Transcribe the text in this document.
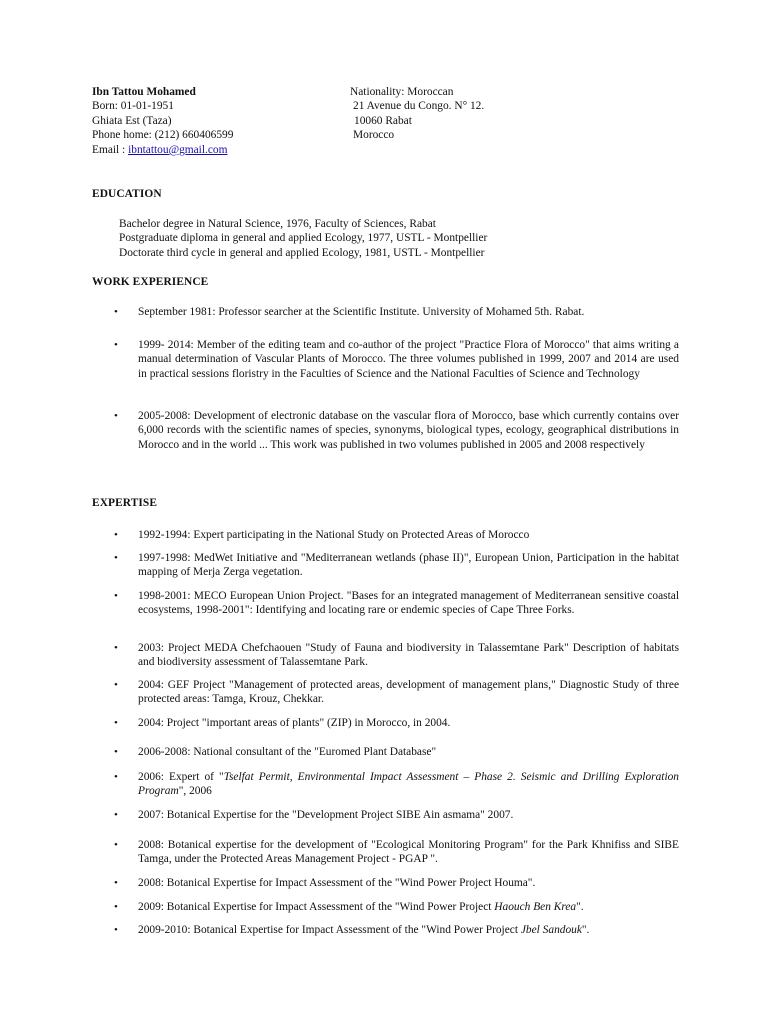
Ibn Tattou Mohamed
Born: 01-01-1951
Ghiata Est (Taza)
Phone home: (212) 660406599
Email : ibntattou@gmail.com
Nationality: Moroccan
21 Avenue du Congo. N° 12.
10060 Rabat
Morocco
EDUCATION
Bachelor degree in Natural Science, 1976, Faculty of Sciences, Rabat
Postgraduate diploma in general and applied Ecology, 1977, USTL - Montpellier
Doctorate third cycle in general and applied Ecology, 1981, USTL - Montpellier
WORK EXPERIENCE
• September 1981: Professor searcher at the Scientific Institute. University of Mohamed 5th. Rabat.
• 1999- 2014: Member of the editing team and co-author of the project "Practice Flora of Morocco" that aims writing a manual determination of Vascular Plants of Morocco. The three volumes published in 1999, 2007 and 2014 are used in practical sessions floristry in the Faculties of Science and the National Faculties of Science and Technology
• 2005-2008: Development of electronic database on the vascular flora of Morocco, base which currently contains over 6,000 records with the scientific names of species, synonyms, biological types, ecology, geographical distributions in Morocco and in the world ... This work was published in two volumes published in 2005 and 2008 respectively
EXPERTISE
• 1992-1994: Expert participating in the National Study on Protected Areas of Morocco
• 1997-1998: MedWet Initiative and "Mediterranean wetlands (phase II)", European Union, Participation in the habitat mapping of Merja Zerga vegetation.
• 1998-2001: MECO European Union Project. "Bases for an integrated management of Mediterranean sensitive coastal ecosystems, 1998-2001": Identifying and locating rare or endemic species of Cape Three Forks.
• 2003: Project MEDA Chefchaouen "Study of Fauna and biodiversity in Talassemtane Park" Description of habitats and biodiversity assessment of Talassemtane Park.
• 2004: GEF Project "Management of protected areas, development of management plans," Diagnostic Study of three protected areas: Tamga, Krouz, Chekkar.
• 2004: Project "important areas of plants" (ZIP) in Morocco, in 2004.
• 2006-2008: National consultant of the "Euromed Plant Database"
• 2006: Expert of "Tselfat Permit, Environmental Impact Assessment – Phase 2. Seismic and Drilling Exploration Program", 2006
• 2007: Botanical Expertise for the "Development Project SIBE Ain asmama" 2007.
• 2008: Botanical expertise for the development of "Ecological Monitoring Program" for the Park Khnifiss and SIBE Tamga, under the Protected Areas Management Project - PGAP ".
• 2008: Botanical Expertise for Impact Assessment of the "Wind Power Project Houma".
• 2009: Botanical Expertise for Impact Assessment of the "Wind Power Project Haouch Ben Krea".
• 2009-2010: Botanical Expertise for Impact Assessment of the "Wind Power Project Jbel Sandouk".
